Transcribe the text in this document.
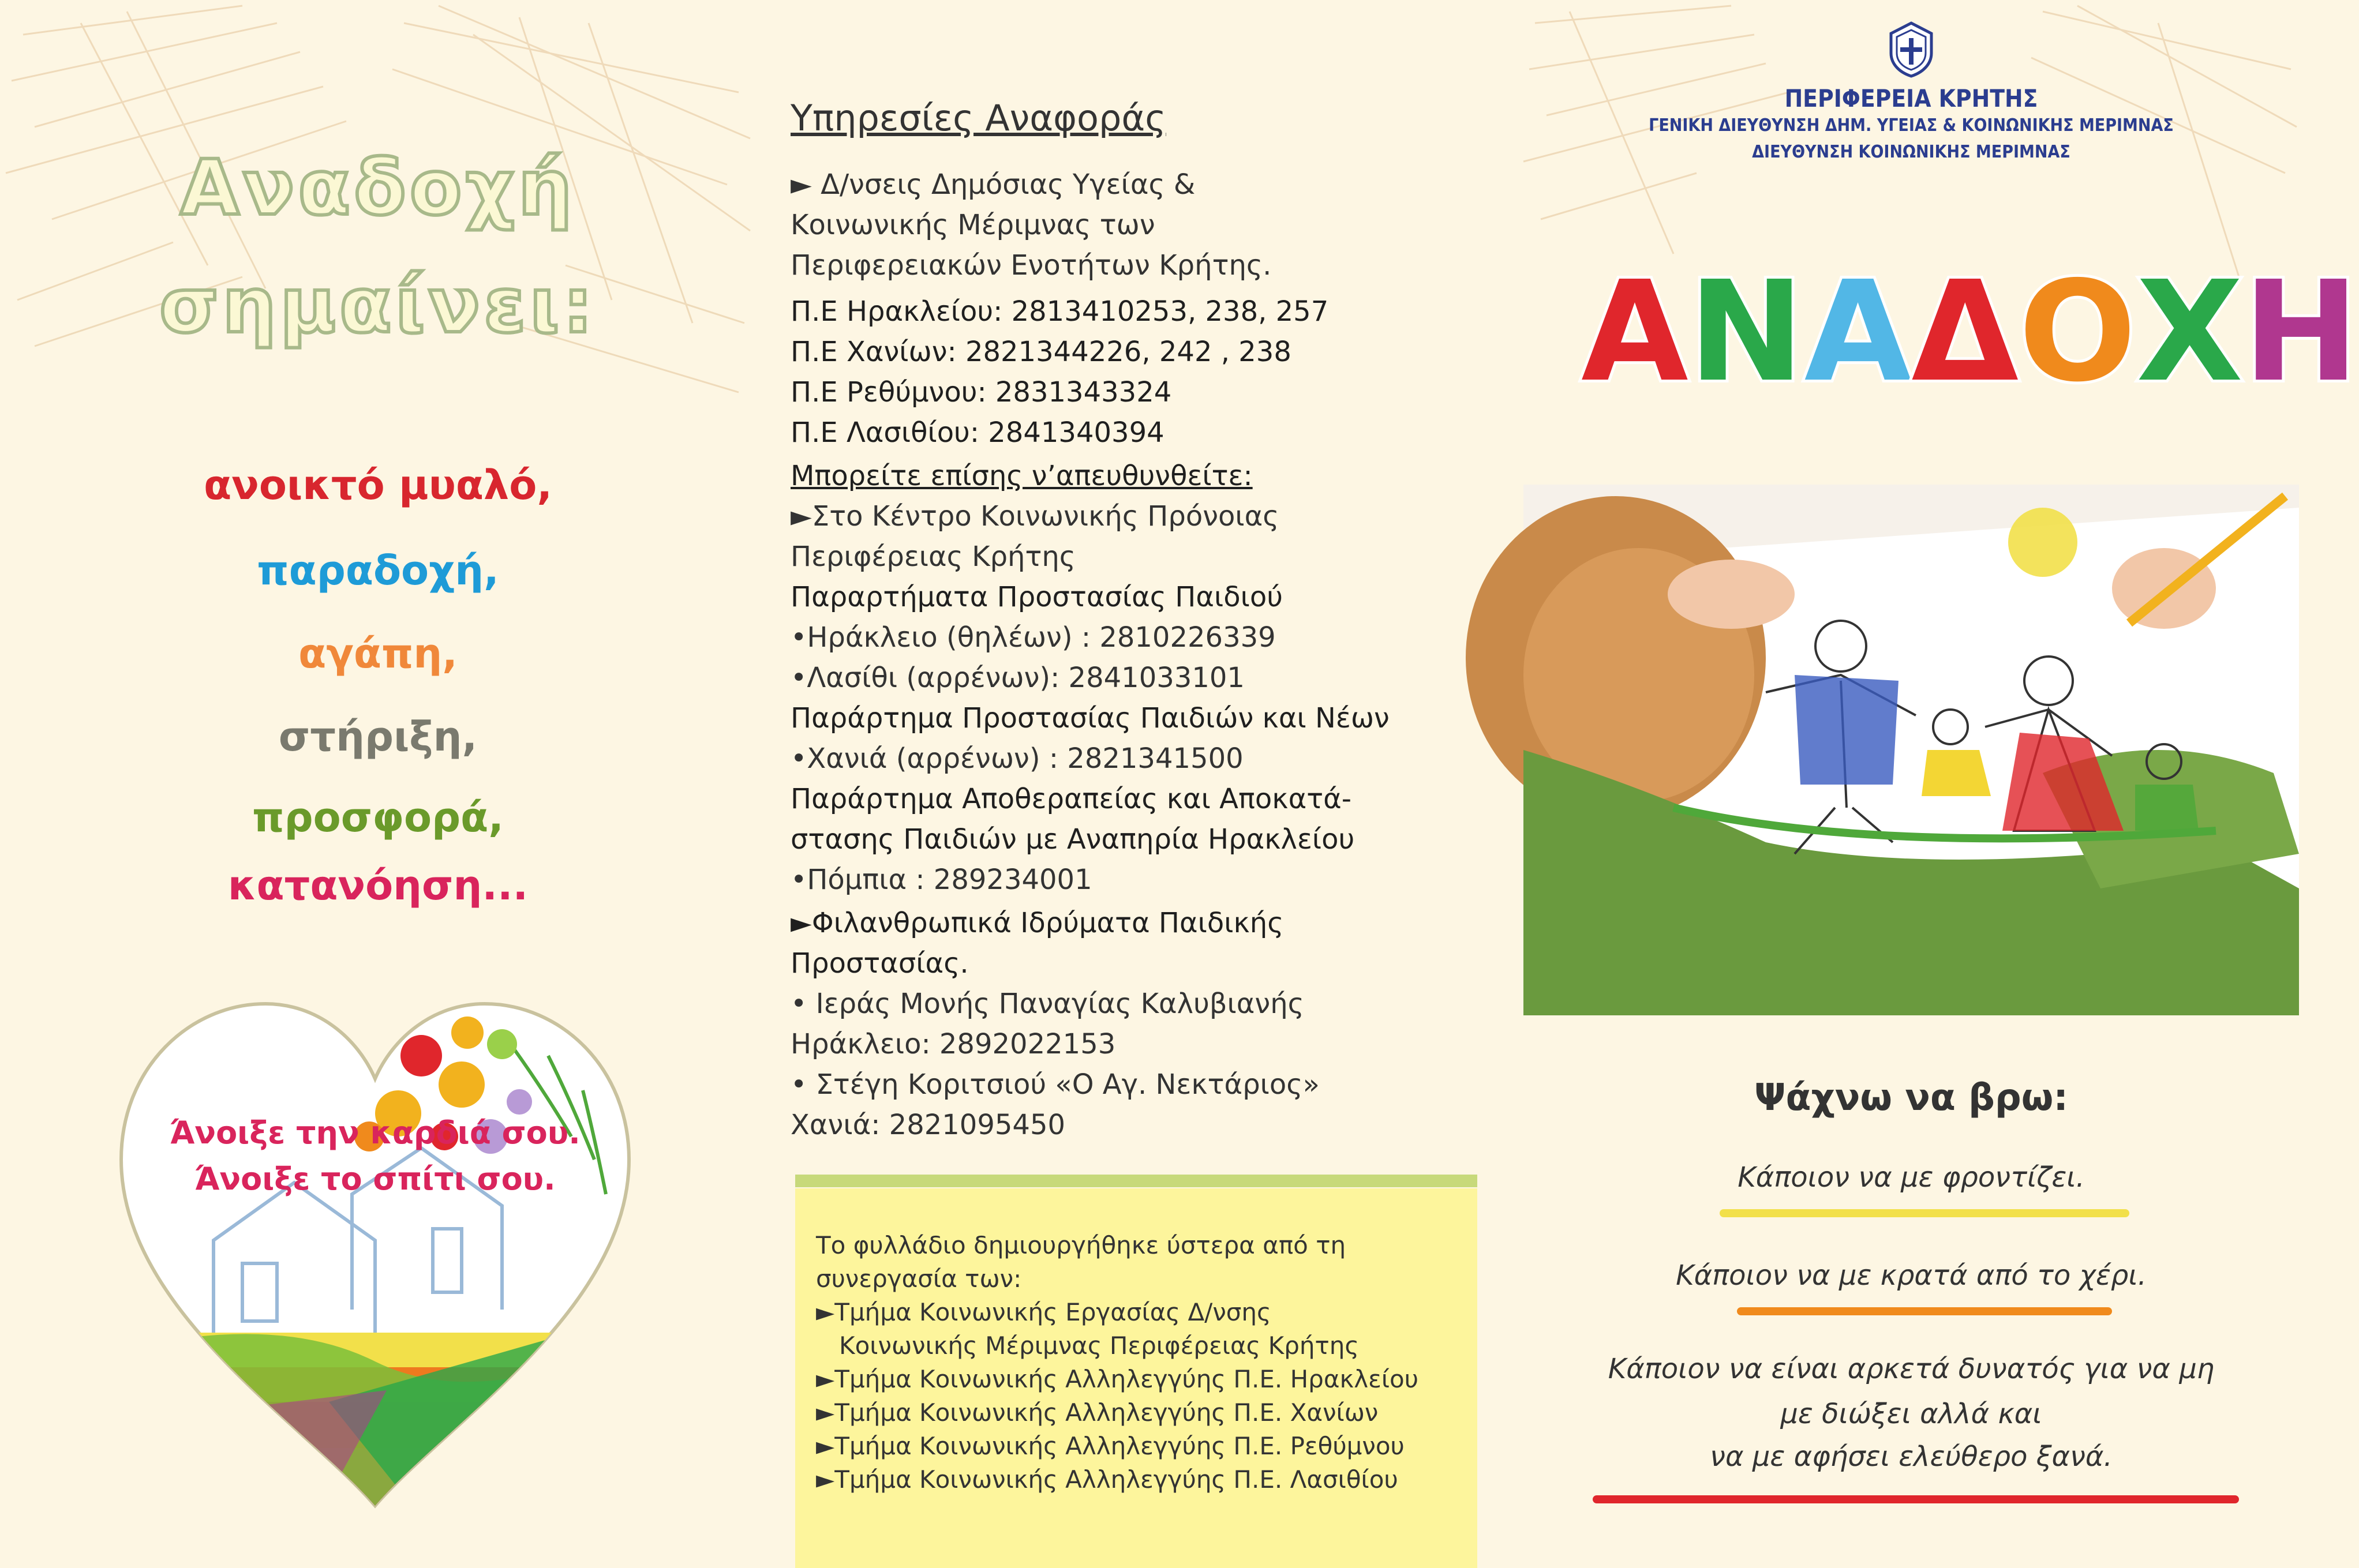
Αναδοχή
σημαίνει:
ανοικτό μυαλό,
παραδοχή,
αγάπη,
στήριξη,
προσφορά,
κατανόηση...
Άνοιξε την καρδιά σου.
Άνοιξε το σπίτι σου.
Υπηρεσίες Αναφοράς
► Δ/νσεις Δημόσιας Υγείας &
Κοινωνικής Μέριμνας των
Περιφερειακών Ενοτήτων Κρήτης.
Π.Ε Ηρακλείου: 2813410253, 238, 257
Π.Ε Χανίων: 2821344226, 242 , 238
Π.Ε Ρεθύμνου: 2831343324
Π.Ε Λασιθίου: 2841340394
Μπορείτε επίσης ν’απευθυνθείτε:
►Στο Κέντρο Κοινωνικής Πρόνοιας
Περιφέρειας Κρήτης
Παραρτήματα Προστασίας Παιδιού
•Ηράκλειο (θηλέων) : 2810226339
•Λασίθι (αρρένων): 2841033101
Παράρτημα Προστασίας Παιδιών και Νέων
•Χανιά (αρρένων) : 2821341500
Παράρτημα Αποθεραπείας και Αποκατά-
στασης Παιδιών με Αναπηρία Ηρακλείου
•Πόμπια : 289234001
►Φιλανθρωπικά Ιδρύματα Παιδικής
Προστασίας.
• Ιεράς Μονής Παναγίας Καλυβιανής
Ηράκλειο: 2892022153
• Στέγη Κοριτσιού «Ο Αγ. Νεκτάριος»
Χανιά: 2821095450
Το φυλλάδιο δημιουργήθηκε ύστερα από τη
συνεργασία των:
►Τμήμα Κοινωνικής Εργασίας Δ/νσης
Κοινωνικής Μέριμνας Περιφέρειας Κρήτης
►Τμήμα Κοινωνικής Αλληλεγγύης Π.Ε. Ηρακλείου
►Τμήμα Κοινωνικής Αλληλεγγύης Π.Ε. Χανίων
►Τμήμα Κοινωνικής Αλληλεγγύης Π.Ε. Ρεθύμνου
►Τμήμα Κοινωνικής Αλληλεγγύης Π.Ε. Λασιθίου
ΠΕΡΙΦΕΡΕΙΑ ΚΡΗΤΗΣ
ΓΕΝΙΚΗ ΔΙΕΥΘΥΝΣΗ ΔΗΜ. ΥΓΕΙΑΣ & ΚΟΙΝΩΝΙΚΗΣ ΜΕΡΙΜΝΑΣ
ΔΙΕΥΘΥΝΣΗ ΚΟΙΝΩΝΙΚΗΣ ΜΕΡΙΜΝΑΣ
Α Ν Α Δ Ο Χ Η
Ψάχνω να βρω:
Κάποιον να με φροντίζει.
Κάποιον να με κρατά από το χέρι.
Κάποιον να είναι αρκετά δυνατός για να μη
με διώξει αλλά και
να με αφήσει ελεύθερο ξανά.
